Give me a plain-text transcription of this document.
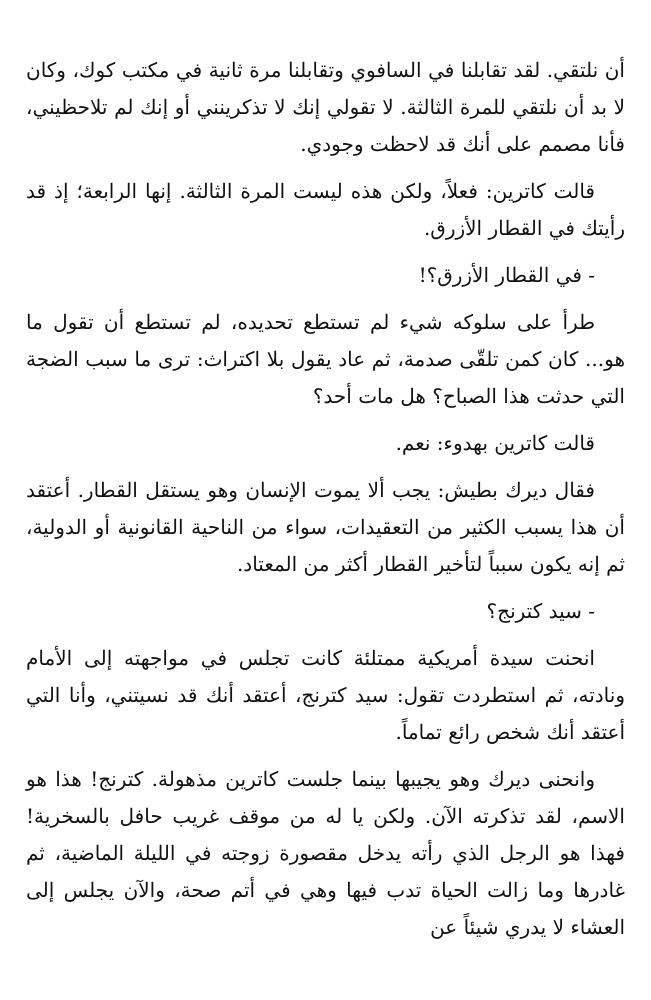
أن نلتقي. لقد تقابلنا في السافوي وتقابلنا مرة ثانية في مكتب كوك، وكان لا بد أن نلتقي للمرة الثالثة. لا تقولي إنك لا تذكرينني أو إنك لم تلاحظيني، فأنا مصمم على أنك قد لاحظت وجودي.

قالت كاترين: فعلاً، ولكن هذه ليست المرة الثالثة. إنها الرابعة؛ إذ قد رأيتك في القطار الأزرق.

- في القطار الأزرق؟!

طرأ على سلوكه شيء لم تستطع تحديده، لم تستطع أن تقول ما هو... كان كمن تلقّى صدمة، ثم عاد يقول بلا اكتراث: ترى ما سبب الضجة التي حدثت هذا الصباح؟ هل مات أحد؟

قالت كاترين بهدوء: نعم.

فقال ديرك بطيش: يجب ألا يموت الإنسان وهو يستقل القطار. أعتقد أن هذا يسبب الكثير من التعقيدات، سواء من الناحية القانونية أو الدولية، ثم إنه يكون سبباً لتأخير القطار أكثر من المعتاد.

- سيد كترنج؟

انحنت سيدة أمريكية ممتلئة كانت تجلس في مواجهته إلى الأمام ونادته، ثم استطردت تقول: سيد كترنج، أعتقد أنك قد نسيتني، وأنا التي أعتقد أنك شخص رائع تماماً.

وانحنى ديرك وهو يجيبها بينما جلست كاترين مذهولة. كترنج! هذا هو الاسم، لقد تذكرته الآن. ولكن يا له من موقف غريب حافل بالسخرية! فهذا هو الرجل الذي رأته يدخل مقصورة زوجته في الليلة الماضية، ثم غادرها وما زالت الحياة تدب فيها وهي في أتم صحة، والآن يجلس إلى العشاء لا يدري شيئاً عن
